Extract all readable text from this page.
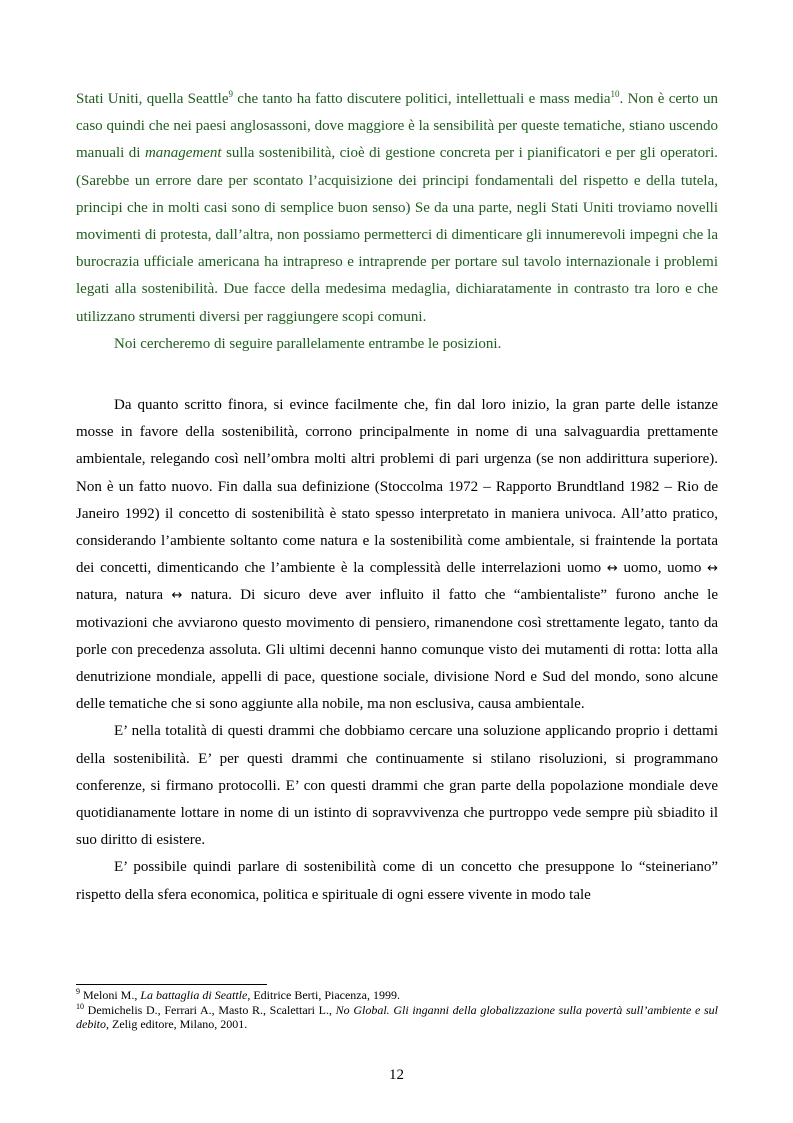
Stati Uniti, quella Seattle$^9$ che tanto ha fatto discutere politici, intellettuali e mass media$^{10}$. Non è certo un caso quindi che nei paesi anglosassoni, dove maggiore è la sensibilità per queste tematiche, stiano uscendo manuali di management sulla sostenibilità, cioè di gestione concreta per i pianificatori e per gli operatori. (Sarebbe un errore dare per scontato l’acquisizione dei principi fondamentali del rispetto e della tutela, principi che in molti casi sono di semplice buon senso) Se da una parte, negli Stati Uniti troviamo novelli movimenti di protesta, dall’altra, non possiamo permetterci di dimenticare gli innumerevoli impegni che la burocrazia ufficiale americana ha intrapreso e intraprende per portare sul tavolo internazionale i problemi legati alla sostenibilità. Due facce della medesima medaglia, dichiaratamente in contrasto tra loro e che utilizzano strumenti diversi per raggiungere scopi comuni.

Noi cercheremo di seguire parallelamente entrambe le posizioni.

Da quanto scritto finora, si evince facilmente che, fin dal loro inizio, la gran parte delle istanze mosse in favore della sostenibilità, corrono principalmente in nome di una salvaguardia prettamente ambientale, relegando così nell’ombra molti altri problemi di pari urgenza (se non addirittura superiore). Non è un fatto nuovo. Fin dalla sua definizione (Stoccolma 1972 – Rapporto Brundtland 1982 – Rio de Janeiro 1992) il concetto di sostenibilità è stato spesso interpretato in maniera univoca. All’atto pratico, considerando l’ambiente soltanto come natura e la sostenibilità come ambientale, si fraintende la portata dei concetti, dimenticando che l’ambiente è la complessità delle interrelazioni uomo ↔ uomo, uomo ↔ natura, natura ↔ natura. Di sicuro deve aver influito il fatto che “ambientaliste” furono anche le motivazioni che avviarono questo movimento di pensiero, rimanendone così strettamente legato, tanto da porle con precedenza assoluta. Gli ultimi decenni hanno comunque visto dei mutamenti di rotta: lotta alla denutrizione mondiale, appelli di pace, questione sociale, divisione Nord e Sud del mondo, sono alcune delle tematiche che si sono aggiunte alla nobile, ma non esclusiva, causa ambientale.

E’ nella totalità di questi drammi che dobbiamo cercare una soluzione applicando proprio i dettami della sostenibilità. E’ per questi drammi che continuamente si stilano risoluzioni, si programmano conferenze, si firmano protocolli. E’ con questi drammi che gran parte della popolazione mondiale deve quotidianamente lottare in nome di un istinto di sopravvivenza che purtroppo vede sempre più sbiadito il suo diritto di esistere.

E’ possibile quindi parlare di sostenibilità come di un concetto che presuppone lo “steineriano” rispetto della sfera economica, politica e spirituale di ogni essere vivente in modo tale

$^9$ Meloni M., La battaglia di Seattle, Editrice Berti, Piacenza, 1999.

$^{10}$ Demichelis D., Ferrari A., Masto R., Scalettari L., No Global. Gli inganni della globalizzazione sulla povertà sull’ambiente e sul debito, Zelig editore, Milano, 2001.

12
